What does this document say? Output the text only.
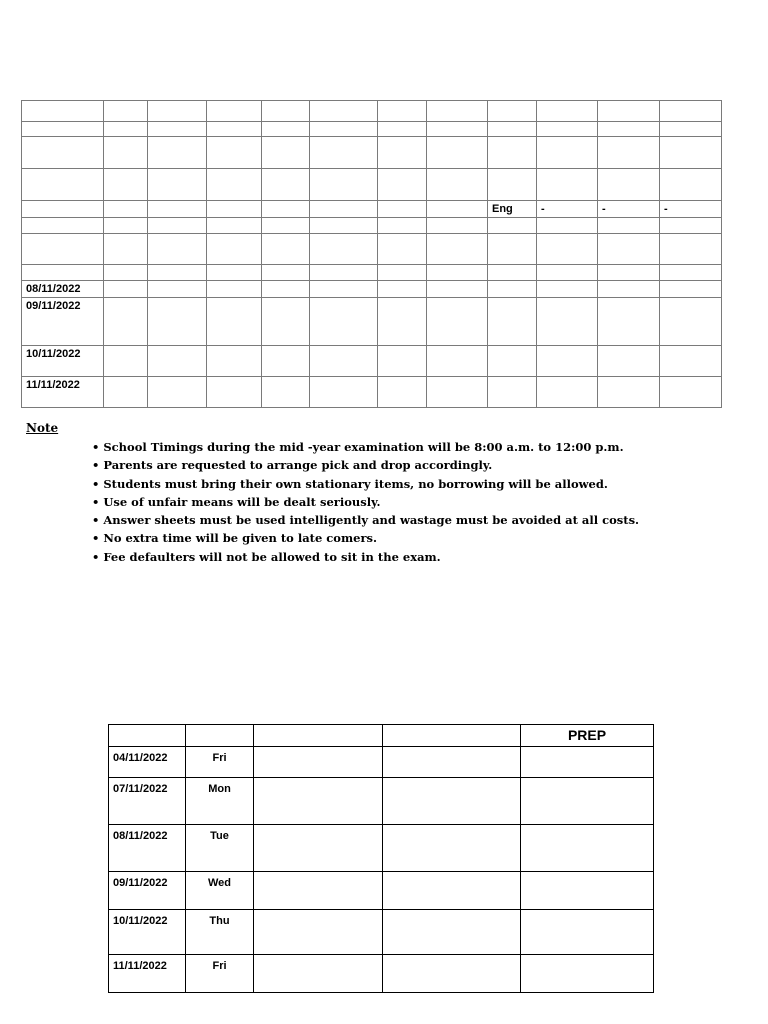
								Eng	-	-	-

08/11/2022											
09/11/2022											
10/11/2022											
11/11/2022											
Note
• School Timings during the mid -year examination will be 8:00 a.m. to 12:00 p.m.
• Parents are requested to arrange pick and drop accordingly.
• Students must bring their own stationary items, no borrowing will be allowed.
• Use of unfair means will be dealt seriously.
• Answer sheets must be used intelligently and wastage must be avoided at all costs.
• No extra time will be given to late comers.
• Fee defaulters will not be allowed to sit in the exam.
				PREP
04/11/2022	Fri			
07/11/2022	Mon			
08/11/2022	Tue			
09/11/2022	Wed			
10/11/2022	Thu			
11/11/2022	Fri			
